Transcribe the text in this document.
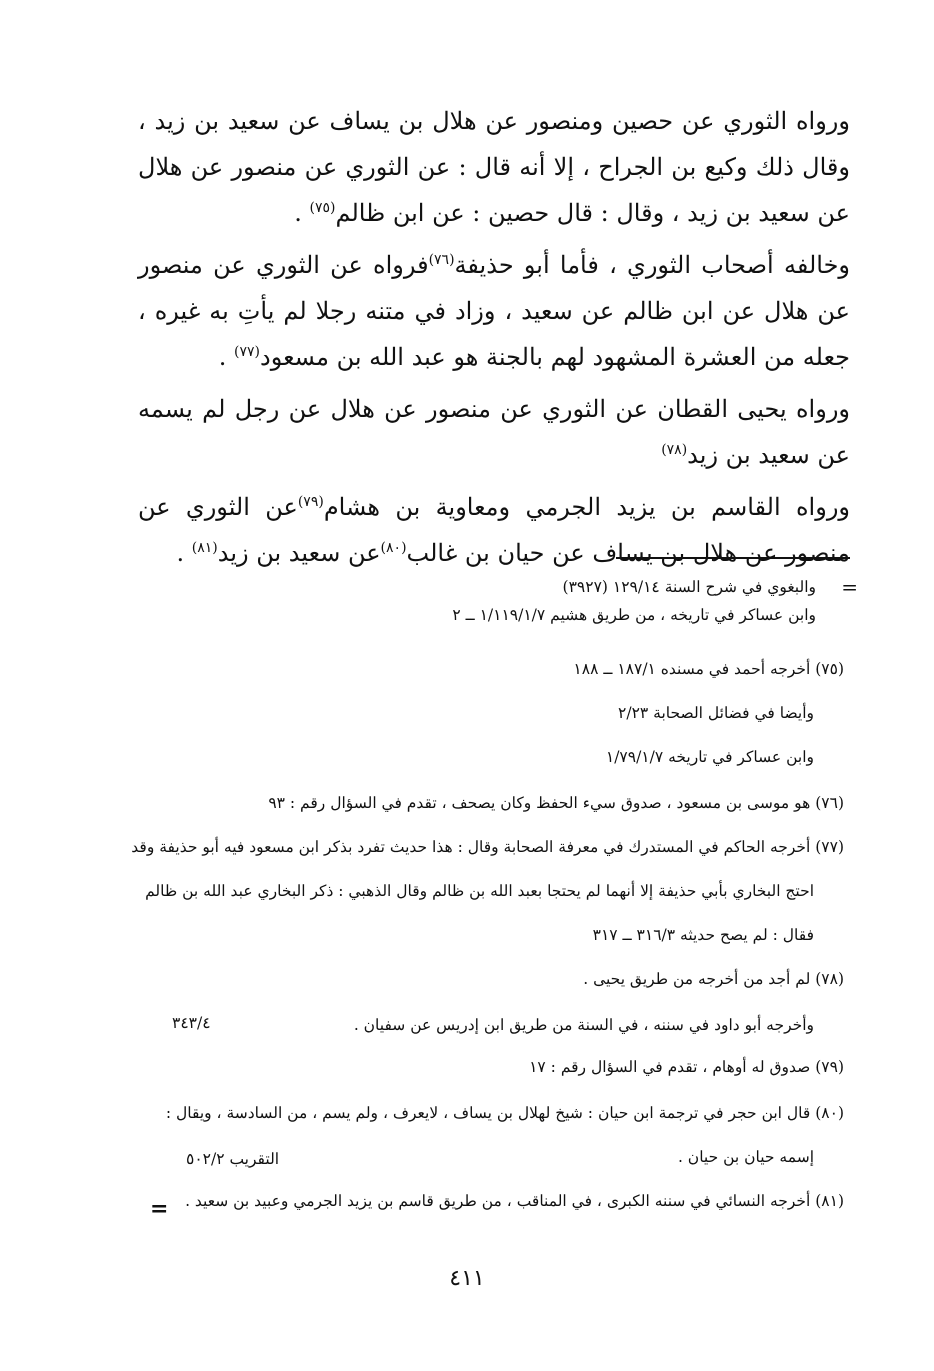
ورواه الثوري عن حصين ومنصور عن هلال بن يساف عن سعيد بن زيد ، وقال ذلك وكيع بن الجراح ، إلا أنه قال : عن الثوري عن منصور عن هلال عن سعيد بن زيد ، وقال : قال حصين : عن ابن ظالم$^{(٧٥)}$ .

وخالفه أصحاب الثوري ، فأما أبو حذيفة$^{(٧٦)}$فرواه عن الثوري عن منصور عن هلال عن ابن ظالم عن سعيد ، وزاد في متنه رجلا لم يأتِ به غيره ، جعله من العشرة المشهود لهم بالجنة هو عبد الله بن مسعود$^{(٧٧)}$ .

ورواه يحيى القطان عن الثوري عن منصور عن هلال عن رجل لم يسمه عن سعيد بن زيد$^{(٧٨)}$

ورواه القاسم بن يزيد الجرمي ومعاوية بن هشام$^{(٧٩)}$عن الثوري عن منصور عن هلال بن يساف عن حيان بن غالب$^{(٨٠)}$عن سعيد بن زيد$^{(٨١)}$ .

=
والبغوي في شرح السنة ١٢٩/١٤ (٣٩٢٧)
وابن عساكر في تاريخه ، من طريق هشيم ١/١١٩/١/٧ ــ ٢
(٧٥) أخرجه أحمد في مسنده ١٨٧/١ ــ ١٨٨
وأيضا في فضائل الصحابة ٢/٢٣
وابن عساكر في تاريخه ١/٧٩/١/٧
(٧٦) هو موسى بن مسعود ، صدوق سيء الحفظ وكان يصحف ، تقدم في السؤال رقم : ٩٣
(٧٧) أخرجه الحاكم في المستدرك في معرفة الصحابة وقال : هذا حديث تفرد بذكر ابن مسعود فيه أبو حذيفة وقد
احتج البخاري بأبي حذيفة إلا أنهما لم يحتجا بعبد الله بن ظالم وقال الذهبي : ذكر البخاري عبد الله بن ظالم
فقال : لم يصح حديثه ٣١٦/٣ ــ ٣١٧
(٧٨) لم أجد من أخرجه من طريق يحيى .
وأخرجه أبو داود في سننه ، في السنة من طريق ابن إدريس عن سفيان .
٣٤٣/٤
(٧٩) صدوق له أوهام ، تقدم في السؤال رقم : ١٧
(٨٠) قال ابن حجر في ترجمة ابن حيان : شيخ لهلال بن يساف ، لايعرف ، ولم يسم ، من السادسة ، ويقال :
إسمه حيان بن حيان .
التقريب ٥٠٢/٢
(٨١) أخرجه النسائي في سننه الكبرى ، في المناقب ، من طريق قاسم بن يزيد الجرمي وعبيد بن سعيد .
=
٤١١
